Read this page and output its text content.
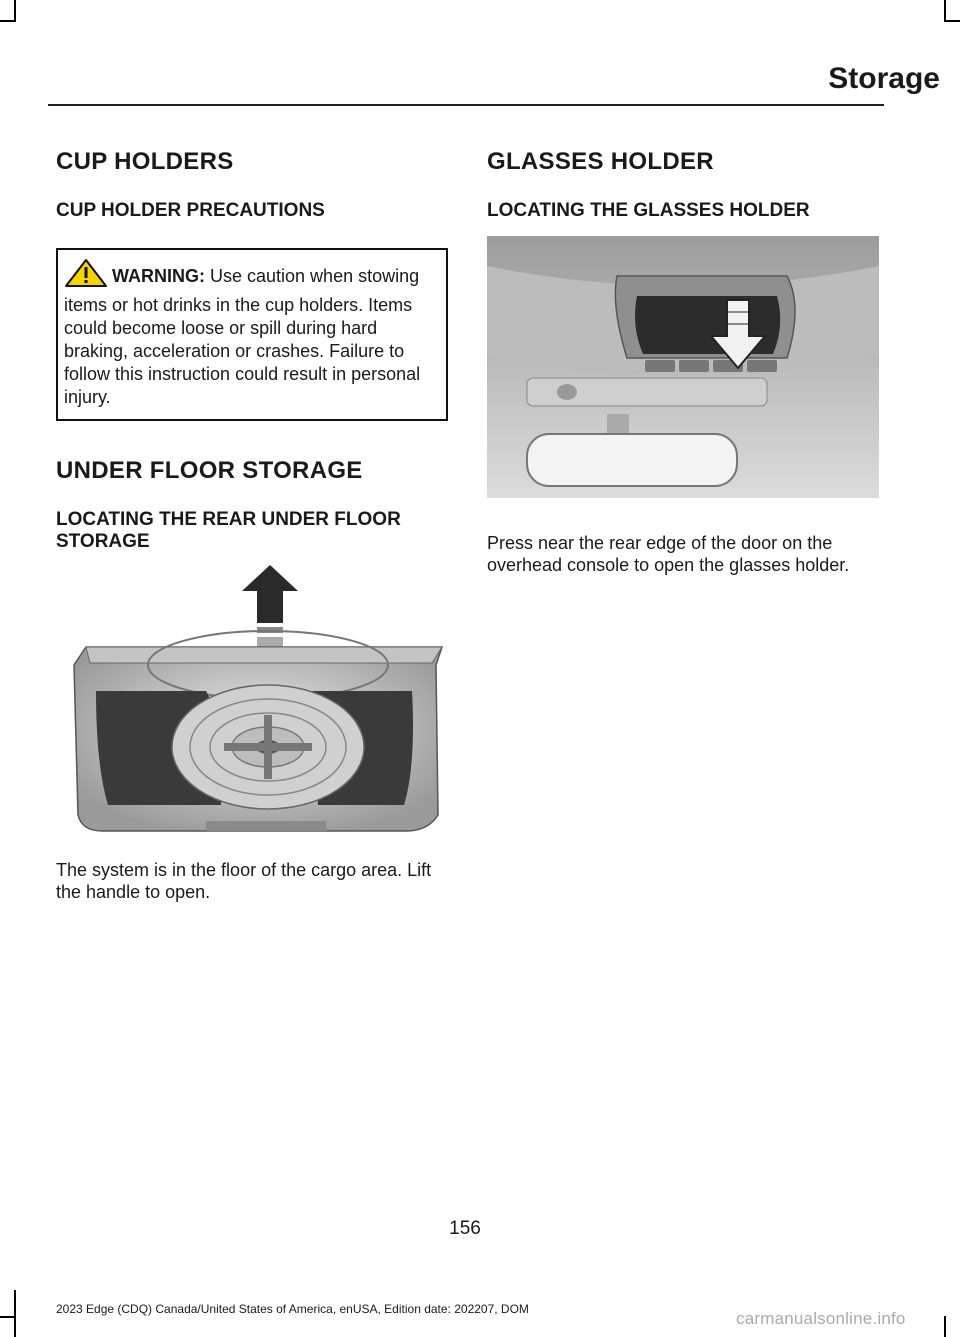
Storage
CUP HOLDERS
CUP HOLDER PRECAUTIONS
WARNING: Use caution when stowing items or hot drinks in the cup holders. Items could become loose or spill during hard braking, acceleration or crashes. Failure to follow this instruction could result in personal injury.
UNDER FLOOR STORAGE
LOCATING THE REAR UNDER FLOOR STORAGE

The system is in the floor of the cargo area. Lift the handle to open.

GLASSES HOLDER
LOCATING THE GLASSES HOLDER

Press near the rear edge of the door on the overhead console to open the glasses holder.

156
2023 Edge (CDQ) Canada/United States of America, enUSA, Edition date: 202207, DOM	carmanualsonline.info
